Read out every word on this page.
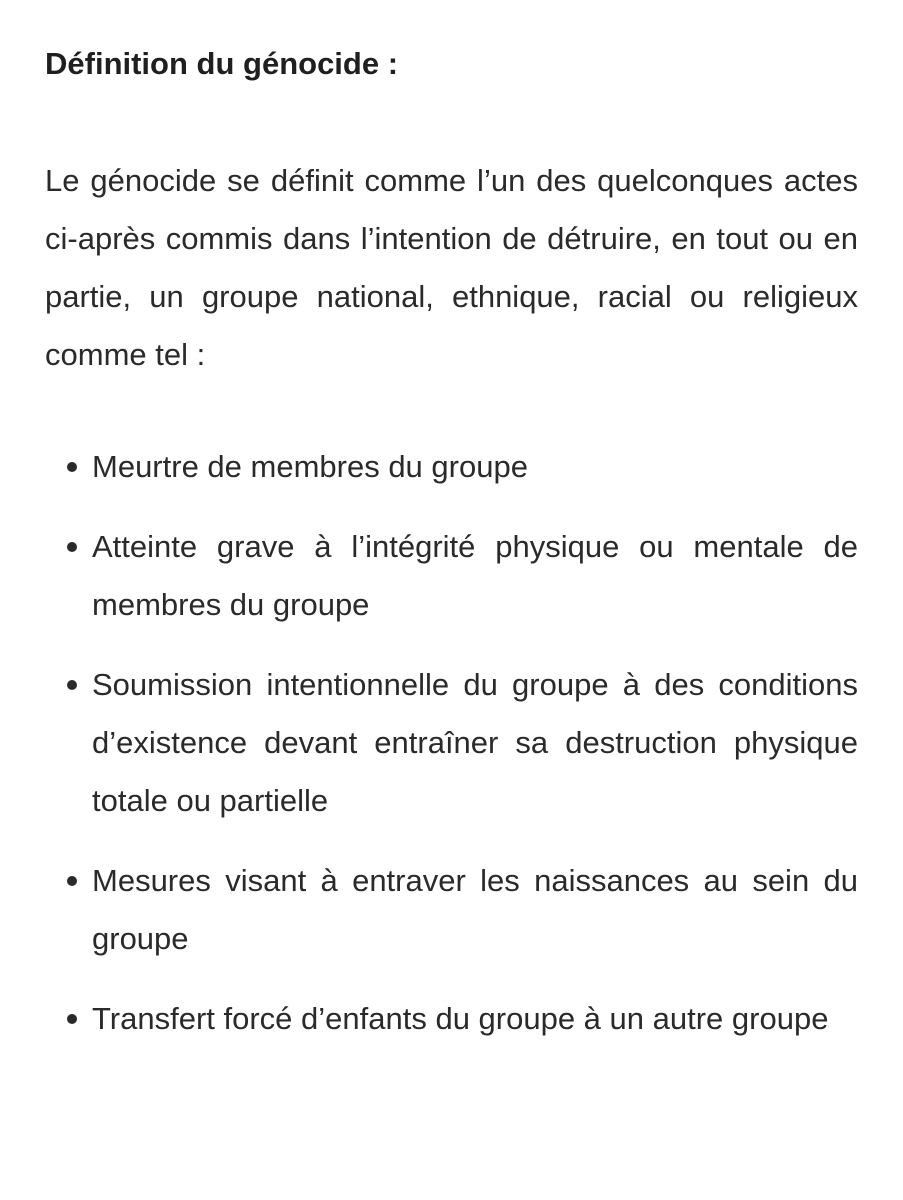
Définition du génocide :

Le génocide se définit comme l’un des quelconques actes ci-après commis dans l’intention de détruire, en tout ou en partie, un groupe national, ethnique, racial ou religieux comme tel :

Meurtre de membres du groupe
Atteinte grave à l’intégrité physique ou mentale de membres du groupe
Soumission intentionnelle du groupe à des conditions d’existence devant entraîner sa destruction physique totale ou partielle
Mesures visant à entraver les naissances au sein du groupe
Transfert forcé d’enfants du groupe à un autre groupe
